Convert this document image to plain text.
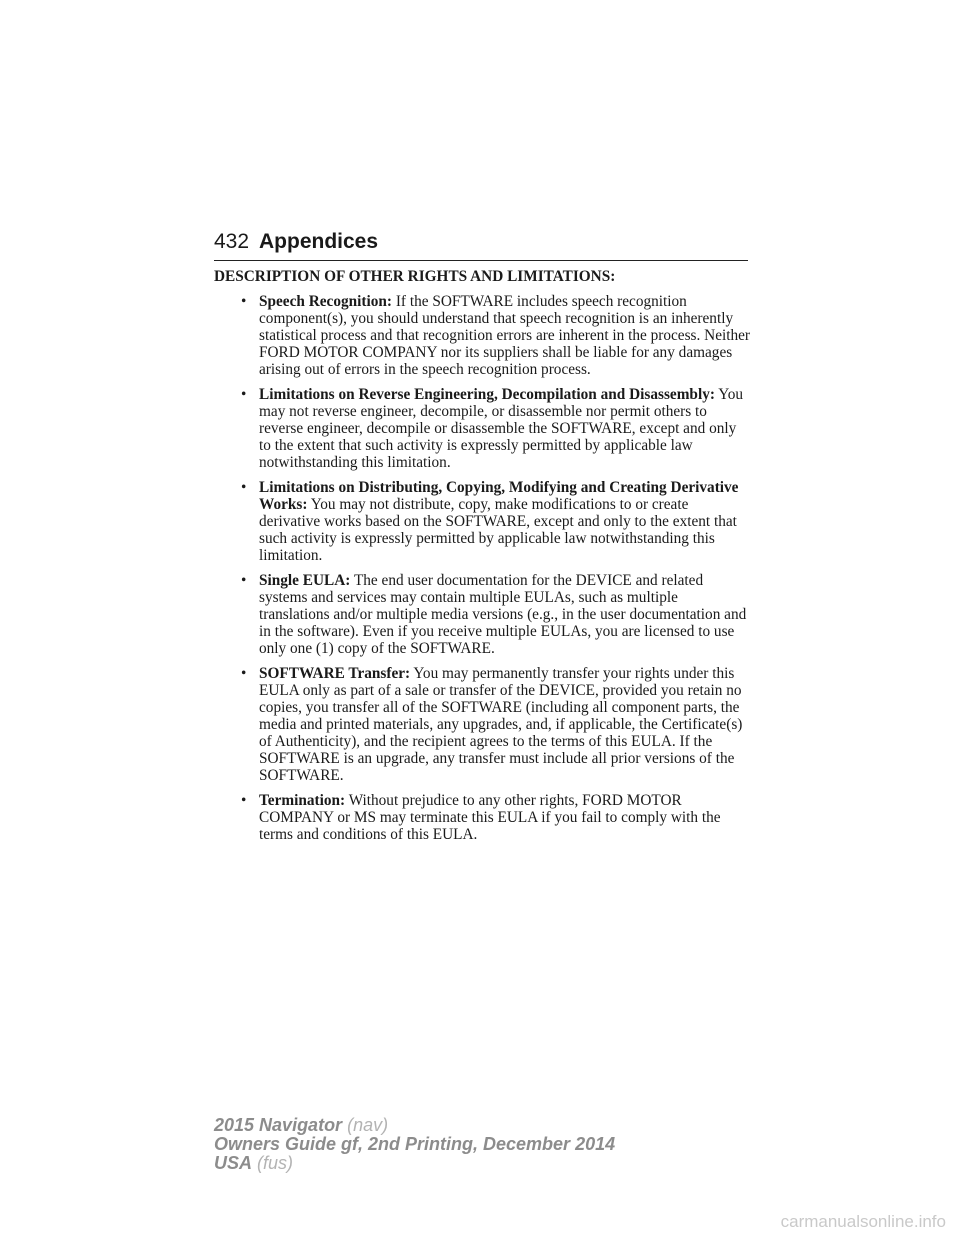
432 Appendices
DESCRIPTION OF OTHER RIGHTS AND LIMITATIONS:
• Speech Recognition: If the SOFTWARE includes speech recognition component(s), you should understand that speech recognition is an inherently statistical process and that recognition errors are inherent in the process. Neither FORD MOTOR COMPANY nor its suppliers shall be liable for any damages arising out of errors in the speech recognition process.
• Limitations on Reverse Engineering, Decompilation and Disassembly: You may not reverse engineer, decompile, or disassemble nor permit others to reverse engineer, decompile or disassemble the SOFTWARE, except and only to the extent that such activity is expressly permitted by applicable law notwithstanding this limitation.
• Limitations on Distributing, Copying, Modifying and Creating Derivative Works: You may not distribute, copy, make modifications to or create derivative works based on the SOFTWARE, except and only to the extent that such activity is expressly permitted by applicable law notwithstanding this limitation.
• Single EULA: The end user documentation for the DEVICE and related systems and services may contain multiple EULAs, such as multiple translations and/or multiple media versions (e.g., in the user documentation and in the software). Even if you receive multiple EULAs, you are licensed to use only one (1) copy of the SOFTWARE.
• SOFTWARE Transfer: You may permanently transfer your rights under this EULA only as part of a sale or transfer of the DEVICE, provided you retain no copies, you transfer all of the SOFTWARE (including all component parts, the media and printed materials, any upgrades, and, if applicable, the Certificate(s) of Authenticity), and the recipient agrees to the terms of this EULA. If the SOFTWARE is an upgrade, any transfer must include all prior versions of the SOFTWARE.
• Termination: Without prejudice to any other rights, FORD MOTOR COMPANY or MS may terminate this EULA if you fail to comply with the terms and conditions of this EULA.
2015 Navigator (nav)
Owners Guide gf, 2nd Printing, December 2014
USA (fus)
carmanualsonline.info
